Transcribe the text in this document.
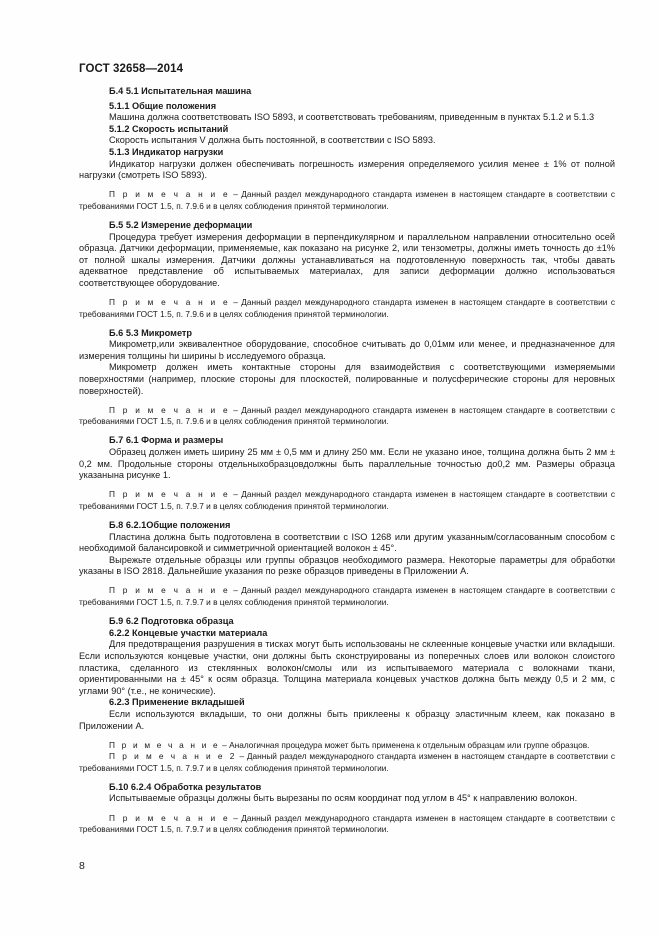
ГОСТ 32658—2014

Б.4 5.1 Испытательная машина

5.1.1 Общие положения

Машина должна соответствовать ISO 5893, и соответствовать требованиям, приведенным в пунктах 5.1.2 и 5.1.3

5.1.2 Скорость испытаний

Скорость испытания V должна быть постоянной, в соответствии с ISO 5893.

5.1.3 Индикатор нагрузки

Индикатор нагрузки должен обеспечивать погрешность измерения определяемого усилия менее ± 1% от полной нагрузки (смотреть ISO 5893).

П р и м е ч а н и е – Данный раздел международного стандарта изменен в настоящем стандарте в соответствии с требованиями ГОСТ 1.5, п. 7.9.6 и в целях соблюдения принятой терминологии.

Б.5 5.2 Измерение деформации

Процедура требует измерения деформации в перпендикулярном и параллельном направлении относительно осей образца. Датчики деформации, применяемые, как показано на рисунке 2, или тензометры, должны иметь точность до ±1% от полной шкалы измерения. Датчики должны устанавливаться на подготовленную поверхность так, чтобы давать адекватное представление об испытываемых материалах, для записи деформации должно использоваться соответствующее оборудование.

П р и м е ч а н и е – Данный раздел международного стандарта изменен в настоящем стандарте в соответствии с требованиями ГОСТ 1.5, п. 7.9.6 и в целях соблюдения принятой терминологии.

Б.6 5.3 Микрометр

Микрометр,или эквивалентное оборудование, способное считывать до 0,01мм или менее, и предназначенное для измерения толщины hи ширины b исследуемого образца.

Микрометр должен иметь контактные стороны для взаимодействия с соответствующими измеряемыми поверхностями (например, плоские стороны для плоскостей, полированные и полусферические стороны для неровных поверхностей).

П р и м е ч а н и е – Данный раздел международного стандарта изменен в настоящем стандарте в соответствии с требованиями ГОСТ 1.5, п. 7.9.6 и в целях соблюдения принятой терминологии.

Б.7 6.1 Форма и размеры

Образец должен иметь ширину 25 мм ± 0,5 мм и длину 250 мм. Если не указано иное, толщина должна быть 2 мм ± 0,2 мм. Продольные стороны отдельныхобразцовдолжны быть параллельные точностью до0,2 мм. Размеры образца указанына рисунке 1.

П р и м е ч а н и е – Данный раздел международного стандарта изменен в настоящем стандарте в соответствии с требованиями ГОСТ 1.5, п. 7.9.7 и в целях соблюдения принятой терминологии.

Б.8 6.2.1Общие положения

Пластина должна быть подготовлена в соответствии с ISO 1268 или другим указанным/согласованным способом с необходимой балансировкой и симметричной ориентацией волокон ± 45°.

Вырежьте отдельные образцы или группы образцов необходимого размера. Некоторые параметры для обработки указаны в ISO 2818. Дальнейшие указания по резке образцов приведены в Приложении А.

П р и м е ч а н и е – Данный раздел международного стандарта изменен в настоящем стандарте в соответствии с требованиями ГОСТ 1.5, п. 7.9.7 и в целях соблюдения принятой терминологии.

Б.9 6.2 Подготовка образца

6.2.2 Концевые участки материала

Для предотвращения разрушения в тисках могут быть использованы не склеенные концевые участки или вкладыши. Если используются концевые участки, они должны быть сконструированы из поперечных слоев или волокон слоистого пластика, сделанного из стеклянных волокон/смолы или из испытываемого материала с волокнами ткани, ориентированными на ± 45° к осям образца. Толщина материала концевых участков должна быть между 0,5 и 2 мм, с углами 90° (т.е., не конические).

6.2.3 Применение вкладышей

Если используются вкладыши, то они должны быть приклеены к образцу эластичным клеем, как показано в Приложении А.

П р и м е ч а н и е – Аналогичная процедура может быть применена к отдельным образцам или группе образцов.

П р и м е ч а н и е 2 – Данный раздел международного стандарта изменен в настоящем стандарте в соответствии с требованиями ГОСТ 1.5, п. 7.9.7 и в целях соблюдения принятой терминологии.

Б.10 6.2.4 Обработка результатов

Испытываемые образцы должны быть вырезаны по осям координат под углом в 45° к направлению волокон.

П р и м е ч а н и е – Данный раздел международного стандарта изменен в настоящем стандарте в соответствии с требованиями ГОСТ 1.5, п. 7.9.7 и в целях соблюдения принятой терминологии.

8
